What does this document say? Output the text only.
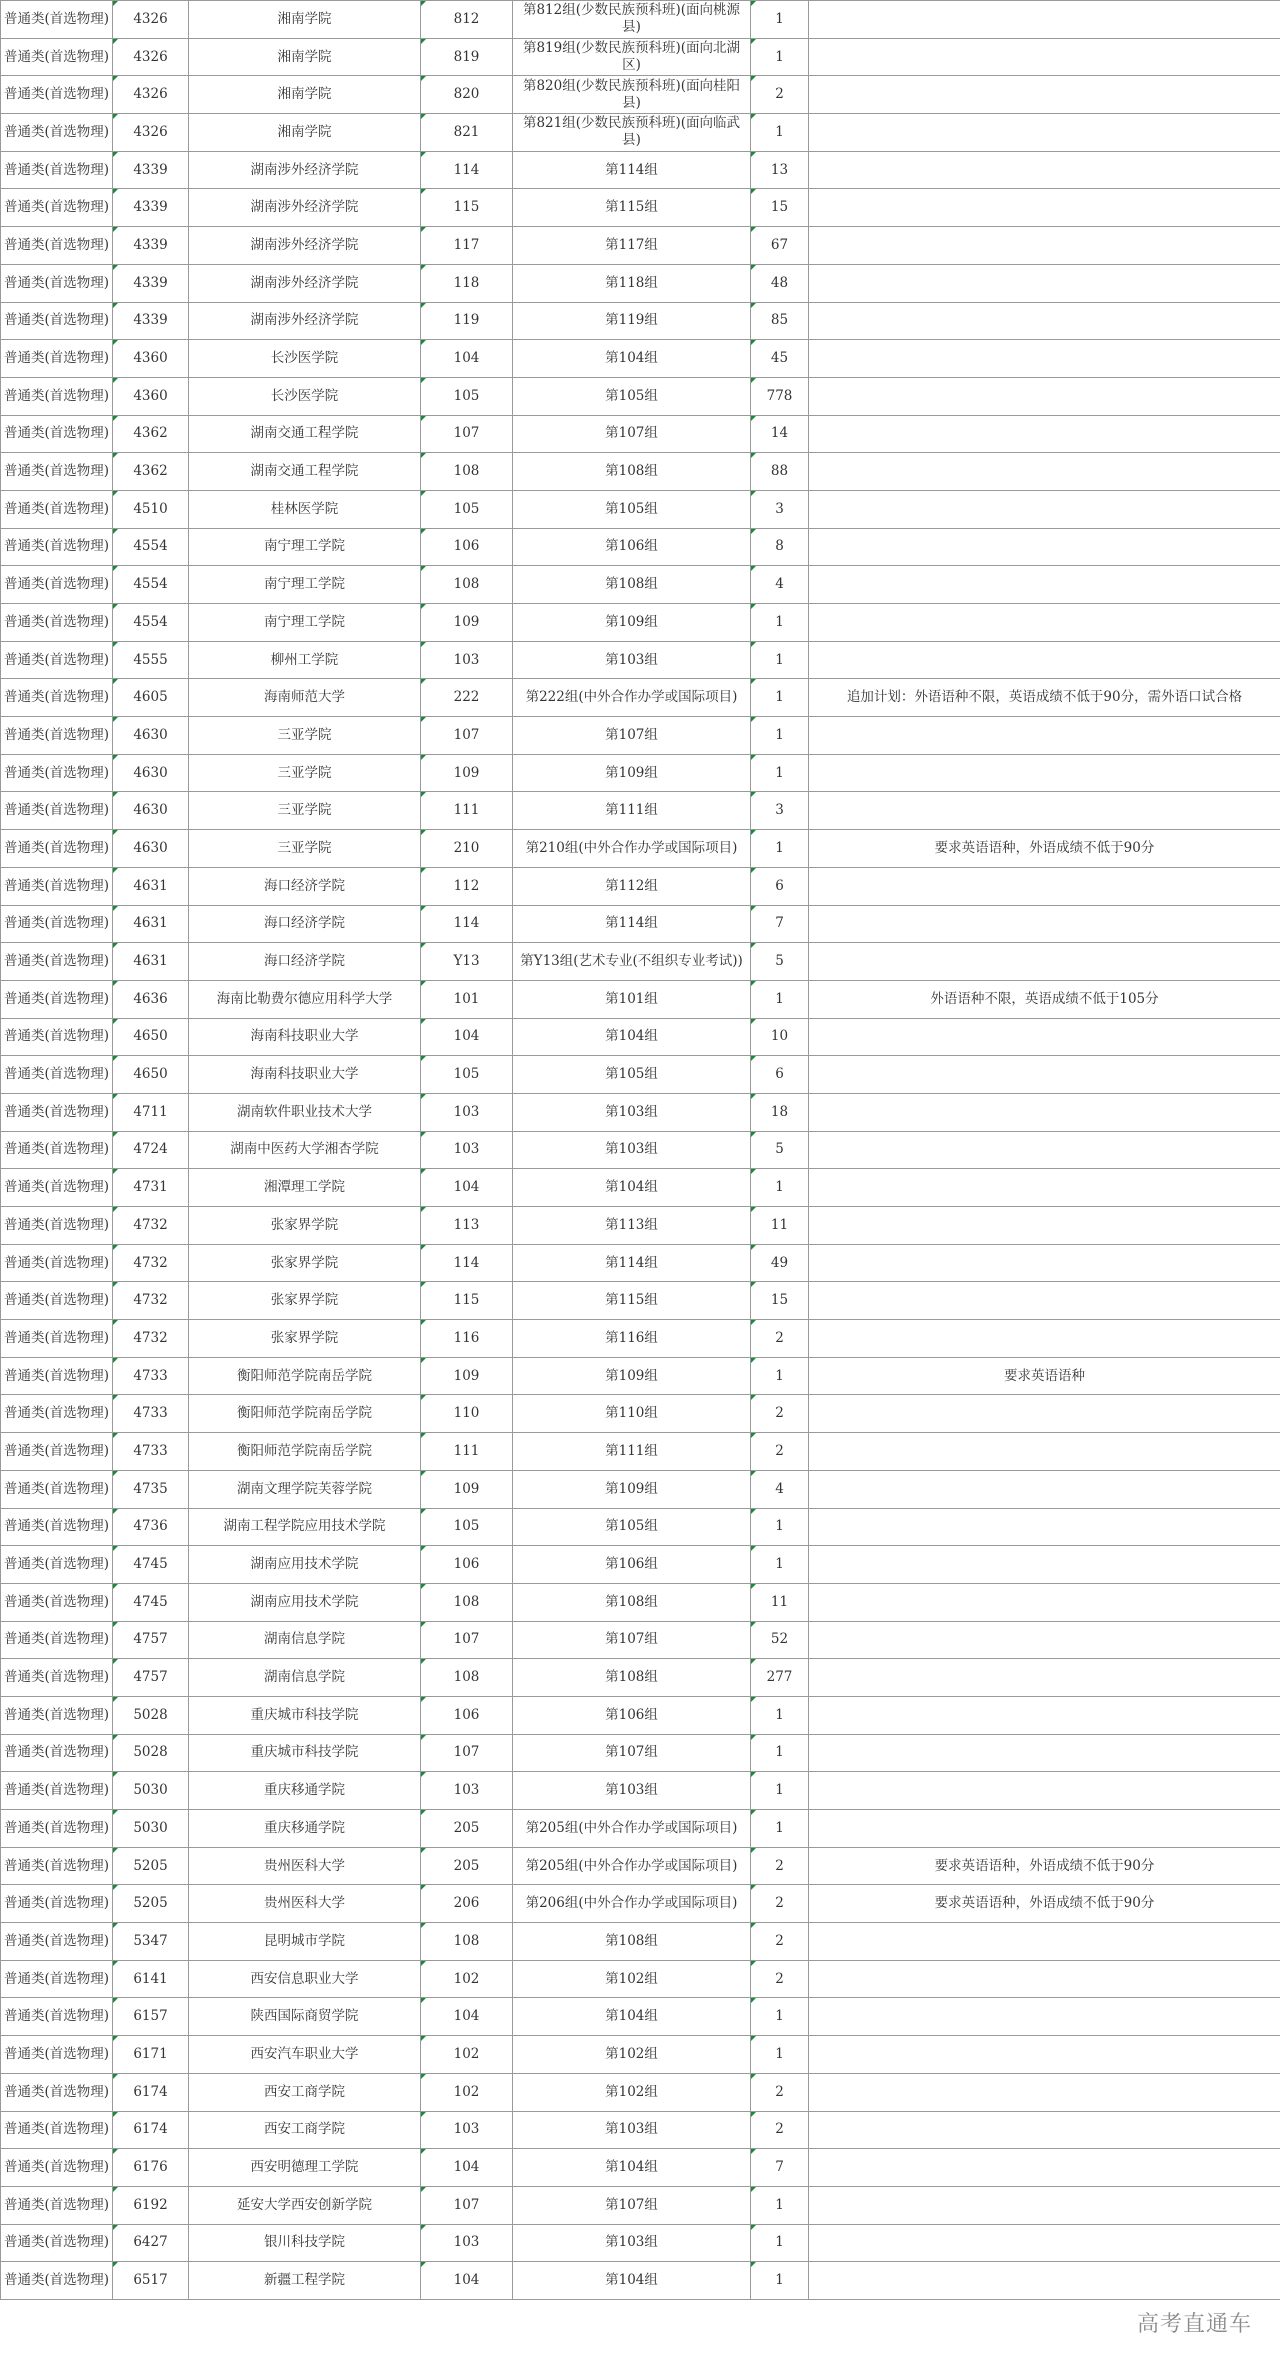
普通类(首选物理)	4326	湘南学院	812	第812组(少数民族预科班)(面向桃源县)	1	
普通类(首选物理)	4326	湘南学院	819	第819组(少数民族预科班)(面向北湖区)	1	
普通类(首选物理)	4326	湘南学院	820	第820组(少数民族预科班)(面向桂阳县)	2	
普通类(首选物理)	4326	湘南学院	821	第821组(少数民族预科班)(面向临武县)	1	
普通类(首选物理)	4339	湖南涉外经济学院	114	第114组	13	
普通类(首选物理)	4339	湖南涉外经济学院	115	第115组	15	
普通类(首选物理)	4339	湖南涉外经济学院	117	第117组	67	
普通类(首选物理)	4339	湖南涉外经济学院	118	第118组	48	
普通类(首选物理)	4339	湖南涉外经济学院	119	第119组	85	
普通类(首选物理)	4360	长沙医学院	104	第104组	45	
普通类(首选物理)	4360	长沙医学院	105	第105组	778	
普通类(首选物理)	4362	湖南交通工程学院	107	第107组	14	
普通类(首选物理)	4362	湖南交通工程学院	108	第108组	88	
普通类(首选物理)	4510	桂林医学院	105	第105组	3	
普通类(首选物理)	4554	南宁理工学院	106	第106组	8	
普通类(首选物理)	4554	南宁理工学院	108	第108组	4	
普通类(首选物理)	4554	南宁理工学院	109	第109组	1	
普通类(首选物理)	4555	柳州工学院	103	第103组	1	
普通类(首选物理)	4605	海南师范大学	222	第222组(中外合作办学或国际项目)	1	追加计划：外语语种不限，英语成绩不低于90分，需外语口试合格
普通类(首选物理)	4630	三亚学院	107	第107组	1	
普通类(首选物理)	4630	三亚学院	109	第109组	1	
普通类(首选物理)	4630	三亚学院	111	第111组	3	
普通类(首选物理)	4630	三亚学院	210	第210组(中外合作办学或国际项目)	1	要求英语语种，外语成绩不低于90分
普通类(首选物理)	4631	海口经济学院	112	第112组	6	
普通类(首选物理)	4631	海口经济学院	114	第114组	7	
普通类(首选物理)	4631	海口经济学院	Y13	第Y13组(艺术专业(不组织专业考试))	5	
普通类(首选物理)	4636	海南比勒费尔德应用科学大学	101	第101组	1	外语语种不限，英语成绩不低于105分
普通类(首选物理)	4650	海南科技职业大学	104	第104组	10	
普通类(首选物理)	4650	海南科技职业大学	105	第105组	6	
普通类(首选物理)	4711	湖南软件职业技术大学	103	第103组	18	
普通类(首选物理)	4724	湖南中医药大学湘杏学院	103	第103组	5	
普通类(首选物理)	4731	湘潭理工学院	104	第104组	1	
普通类(首选物理)	4732	张家界学院	113	第113组	11	
普通类(首选物理)	4732	张家界学院	114	第114组	49	
普通类(首选物理)	4732	张家界学院	115	第115组	15	
普通类(首选物理)	4732	张家界学院	116	第116组	2	
普通类(首选物理)	4733	衡阳师范学院南岳学院	109	第109组	1	要求英语语种
普通类(首选物理)	4733	衡阳师范学院南岳学院	110	第110组	2	
普通类(首选物理)	4733	衡阳师范学院南岳学院	111	第111组	2	
普通类(首选物理)	4735	湖南文理学院芙蓉学院	109	第109组	4	
普通类(首选物理)	4736	湖南工程学院应用技术学院	105	第105组	1	
普通类(首选物理)	4745	湖南应用技术学院	106	第106组	1	
普通类(首选物理)	4745	湖南应用技术学院	108	第108组	11	
普通类(首选物理)	4757	湖南信息学院	107	第107组	52	
普通类(首选物理)	4757	湖南信息学院	108	第108组	277	
普通类(首选物理)	5028	重庆城市科技学院	106	第106组	1	
普通类(首选物理)	5028	重庆城市科技学院	107	第107组	1	
普通类(首选物理)	5030	重庆移通学院	103	第103组	1	
普通类(首选物理)	5030	重庆移通学院	205	第205组(中外合作办学或国际项目)	1	
普通类(首选物理)	5205	贵州医科大学	205	第205组(中外合作办学或国际项目)	2	要求英语语种，外语成绩不低于90分
普通类(首选物理)	5205	贵州医科大学	206	第206组(中外合作办学或国际项目)	2	要求英语语种，外语成绩不低于90分
普通类(首选物理)	5347	昆明城市学院	108	第108组	2	
普通类(首选物理)	6141	西安信息职业大学	102	第102组	2	
普通类(首选物理)	6157	陕西国际商贸学院	104	第104组	1	
普通类(首选物理)	6171	西安汽车职业大学	102	第102组	1	
普通类(首选物理)	6174	西安工商学院	102	第102组	2	
普通类(首选物理)	6174	西安工商学院	103	第103组	2	
普通类(首选物理)	6176	西安明德理工学院	104	第104组	7	
普通类(首选物理)	6192	延安大学西安创新学院	107	第107组	1	
普通类(首选物理)	6427	银川科技学院	103	第103组	1	
普通类(首选物理)	6517	新疆工程学院	104	第104组	1	
高考直通车
